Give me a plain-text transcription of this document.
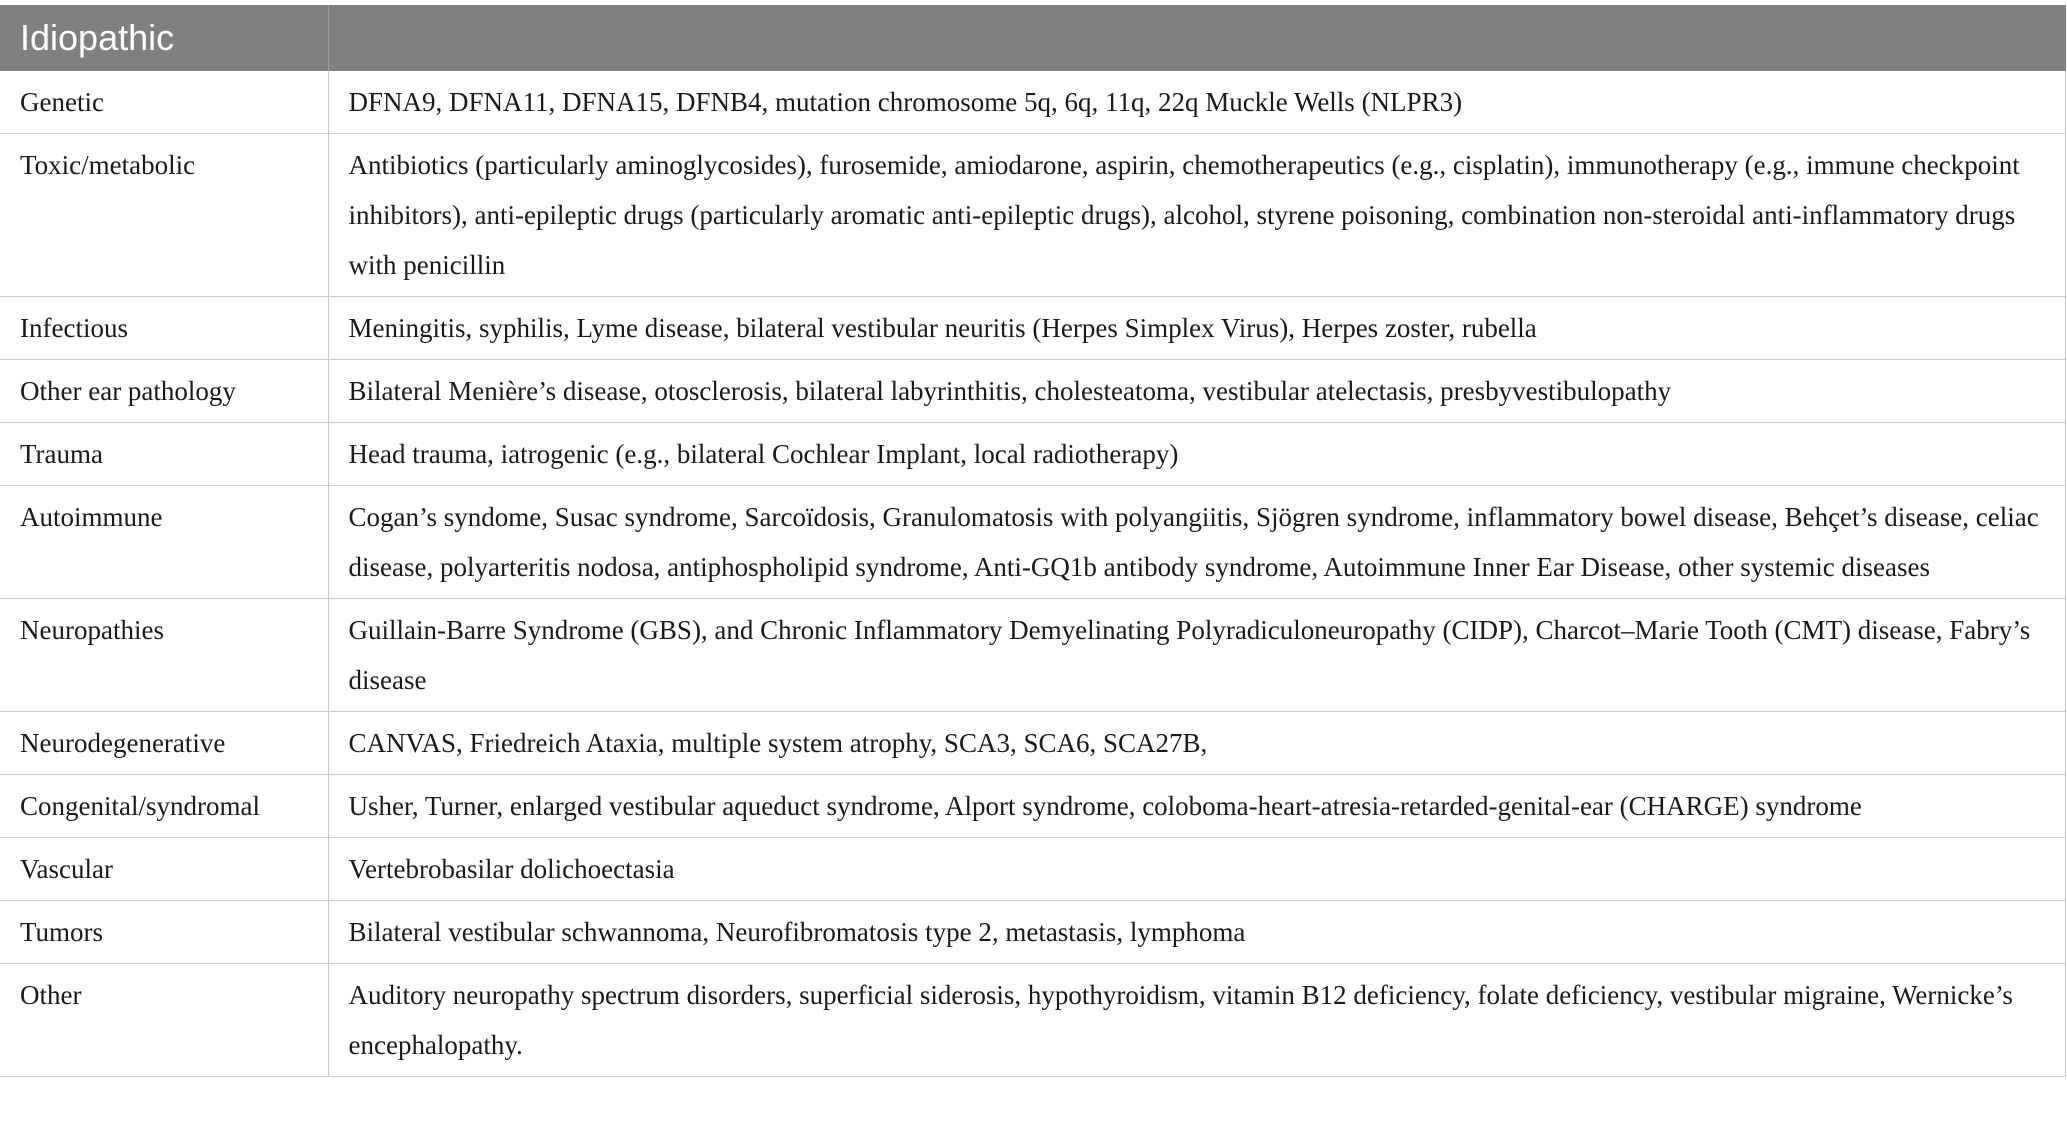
Idiopathic	
Genetic	DFNA9, DFNA11, DFNA15, DFNB4, mutation chromosome 5q, 6q, 11q, 22q Muckle Wells (NLPR3)
Toxic/metabolic	Antibiotics (particularly aminoglycosides), furosemide, amiodarone, aspirin, chemotherapeutics (e.g., cisplatin), immunotherapy (e.g., immune checkpoint inhibitors), anti-epileptic drugs (particularly aromatic anti-epileptic drugs), alcohol, styrene poisoning, combination non-steroidal anti-inflammatory drugs with penicillin
Infectious	Meningitis, syphilis, Lyme disease, bilateral vestibular neuritis (Herpes Simplex Virus), Herpes zoster, rubella
Other ear pathology	Bilateral Menière’s disease, otosclerosis, bilateral labyrinthitis, cholesteatoma, vestibular atelectasis, presbyvestibulopathy
Trauma	Head trauma, iatrogenic (e.g., bilateral Cochlear Implant, local radiotherapy)
Autoimmune	Cogan’s syndome, Susac syndrome, Sarcoïdosis, Granulomatosis with polyangiitis, Sjögren syndrome, inflammatory bowel disease, Behçet’s disease, celiac disease, polyarteritis nodosa, antiphospholipid syndrome, Anti-GQ1b antibody syndrome, Autoimmune Inner Ear Disease, other systemic diseases
Neuropathies	Guillain-Barre Syndrome (GBS), and Chronic Inflammatory Demyelinating Polyradiculoneuropathy (CIDP), Charcot–Marie Tooth (CMT) disease, Fabry’s disease
Neurodegenerative	CANVAS, Friedreich Ataxia, multiple system atrophy, SCA3, SCA6, SCA27B,
Congenital/syndromal	Usher, Turner, enlarged vestibular aqueduct syndrome, Alport syndrome, coloboma-heart-atresia-retarded-genital-ear (CHARGE) syndrome
Vascular	Vertebrobasilar dolichoectasia
Tumors	Bilateral vestibular schwannoma, Neurofibromatosis type 2, metastasis, lymphoma
Other	Auditory neuropathy spectrum disorders, superficial siderosis, hypothyroidism, vitamin B12 deficiency, folate deficiency, vestibular migraine, Wernicke’s encephalopathy.
